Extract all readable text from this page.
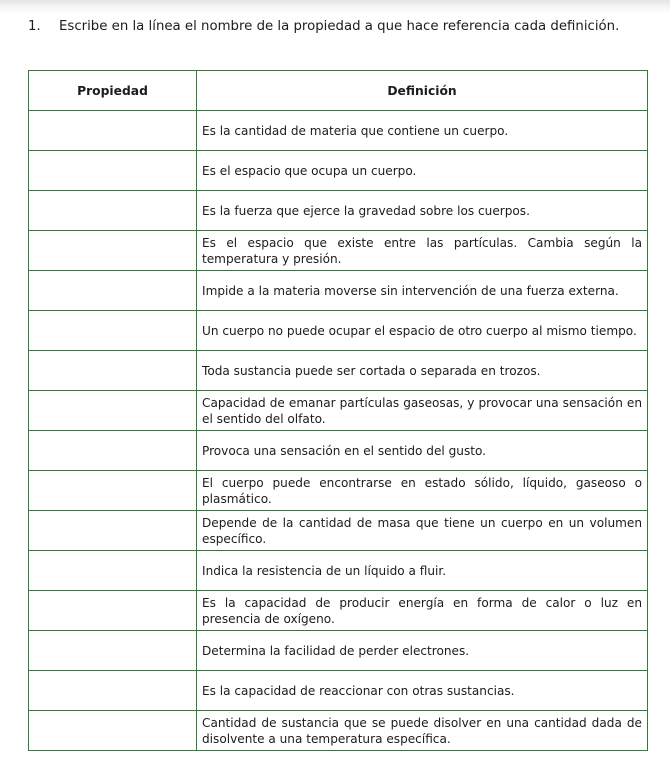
1.	Escribe en la línea el nombre de la propiedad a que hace referencia cada definición.
Propiedad	Definición
	Es la cantidad de materia que contiene un cuerpo.
	Es el espacio que ocupa un cuerpo.
	Es la fuerza que ejerce la gravedad sobre los cuerpos.
	Es el espacio que existe entre las partículas. Cambia según la temperatura y presión.
	Impide a la materia moverse sin intervención de una fuerza externa.
	Un cuerpo no puede ocupar el espacio de otro cuerpo al mismo tiempo.
	Toda sustancia puede ser cortada o separada en trozos.
	Capacidad de emanar partículas gaseosas, y provocar una sensación en el sentido del olfato.
	Provoca una sensación en el sentido del gusto.
	El cuerpo puede encontrarse en estado sólido, líquido, gaseoso o plasmático.
	Depende de la cantidad de masa que tiene un cuerpo en un volumen específico.
	Indica la resistencia de un líquido a fluir.
	Es la capacidad de producir energía en forma de calor o luz en presencia de oxígeno.
	Determina la facilidad de perder electrones.
	Es la capacidad de reaccionar con otras sustancias.
	Cantidad de sustancia que se puede disolver en una cantidad dada de disolvente a una temperatura específica.
